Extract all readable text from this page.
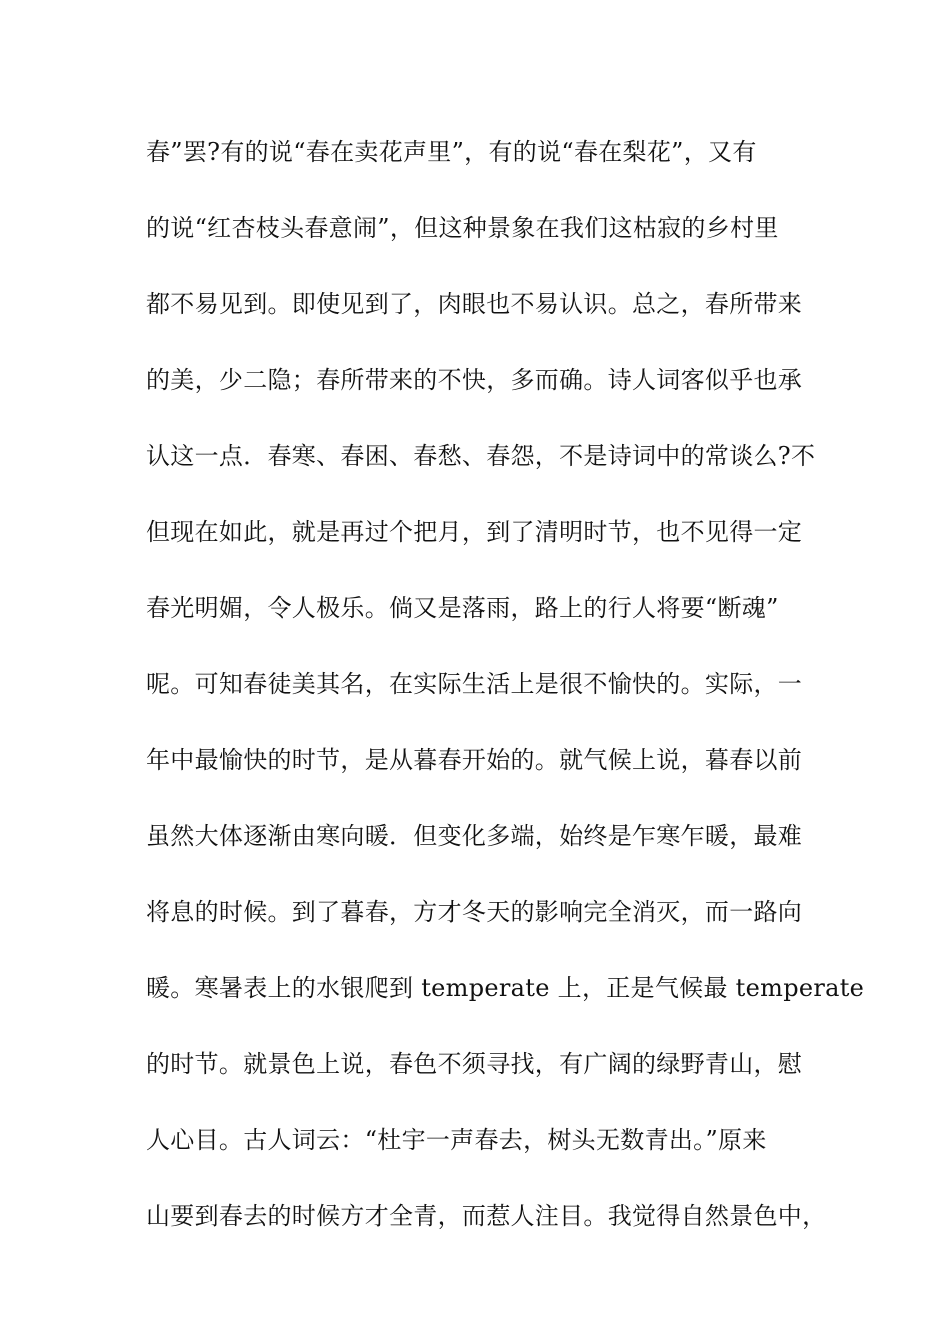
春”罢?有的说“春在卖花声里”，有的说“春在梨花”，又有
的说“红杏枝头春意闹”，但这种景象在我们这枯寂的乡村里
都不易见到。即使见到了，肉眼也不易认识。总之，春所带来
的美，少二隐；春所带来的不快，多而确。诗人词客似乎也承
认这一点．春寒、春困、春愁、春怨，不是诗词中的常谈么?不
但现在如此，就是再过个把月，到了清明时节，也不见得一定
春光明媚，令人极乐。倘又是落雨，路上的行人将要“断魂”
呢。可知春徒美其名，在实际生活上是很不愉快的。实际，一
年中最愉快的时节，是从暮春开始的。就气候上说，暮春以前
虽然大体逐渐由寒向暖．但变化多端，始终是乍寒乍暖，最难
将息的时候。到了暮春，方才冬天的影响完全消灭，而一路向
暖。寒暑表上的水银爬到 temperate 上，正是气候最 temperate
的时节。就景色上说，春色不须寻找，有广阔的绿野青山，慰
人心目。古人词云：“杜宇一声春去，树头无数青出。”原来
山要到春去的时候方才全青，而惹人注目。我觉得自然景色中，
